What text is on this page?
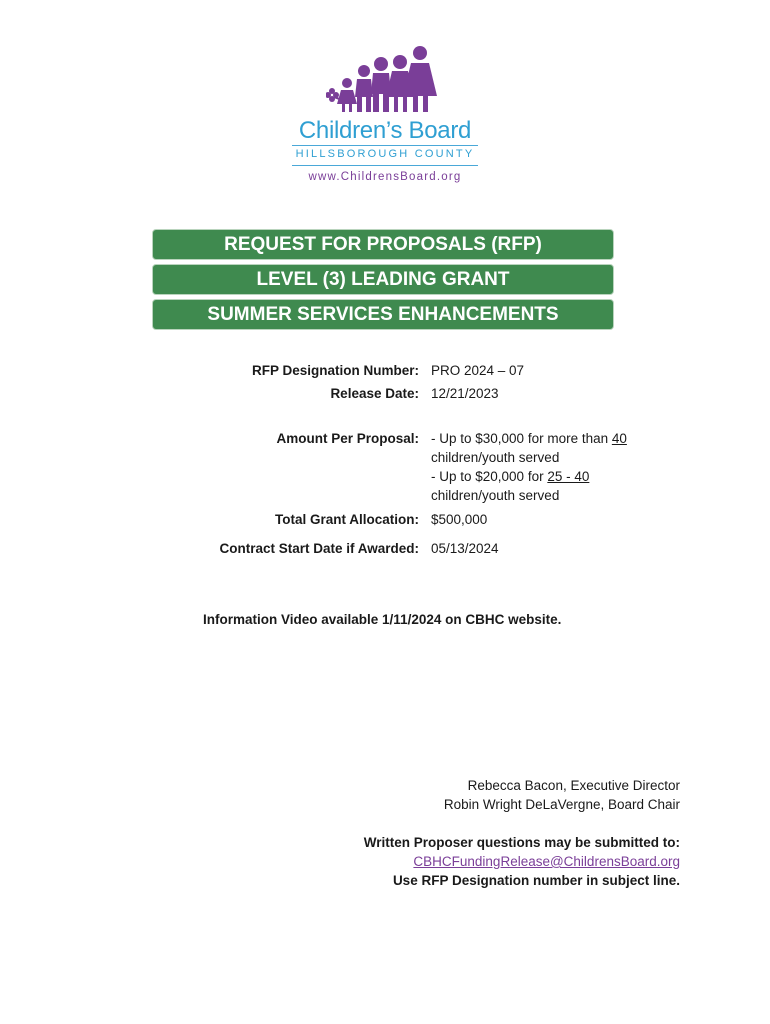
Children’s Board
HILLSBOROUGH COUNTY
www.ChildrensBoard.org
REQUEST FOR PROPOSALS (RFP)
LEVEL (3) LEADING GRANT
SUMMER SERVICES ENHANCEMENTS
RFP Designation Number: PRO 2024 – 07
Release Date: 12/21/2023
Amount Per Proposal: - Up to $30,000 for more than 40
children/youth served
- Up to $20,000 for 25 - 40
children/youth served
Total Grant Allocation: $500,000
Contract Start Date if Awarded: 05/13/2024
Information Video available 1/11/2024 on CBHC website.
Rebecca Bacon, Executive Director
Robin Wright DeLaVergne, Board Chair
Written Proposer questions may be submitted to:
CBHCFundingRelease@ChildrensBoard.org
Use RFP Designation number in subject line.
